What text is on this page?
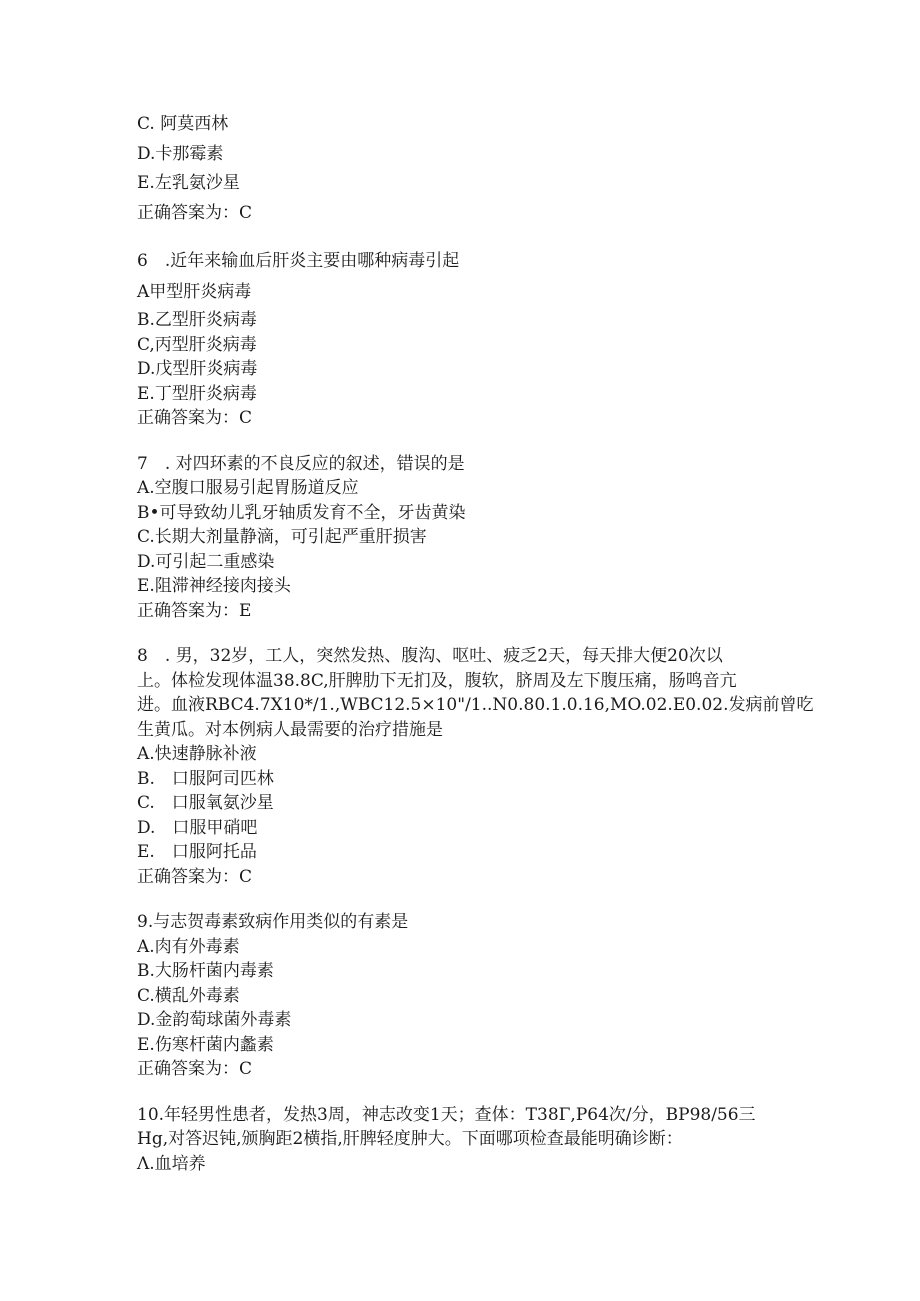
C. 阿莫西林
D.卡那霉素
E.左乳氨沙星
正确答案为：C
6　.近年来输血后肝炎主要由哪种病毒引起
A甲型肝炎病毒
B.乙型肝炎病毒
C,丙型肝炎病毒
D.戊型肝炎病毒
E.丁型肝炎病毒
正确答案为：C
7　. 对四环素的不良反应的叙述，错误的是
A.空腹口服易引起胃肠道反应
B•可导致幼儿乳牙轴质发育不全，牙齿黄染
C.长期大剂量静滴，可引起严重肝损害
D.可引起二重感染
E.阻滞神经接肉接头
正确答案为：E
8　. 男，32岁，工人，突然发热、腹沟、呕吐、疲乏2天，每天排大便20次以
上。体检发现体温38.8C,肝脾肋下无扪及，腹软，脐周及左下腹压痛，肠鸣音亢
进。血液RBC4.7X10*/1.,WBC12.5×10"/1..N0.80.1.0.16,MO.02.E0.02.发病前曾吃
生黄瓜。对本例病人最需要的治疗措施是
A.快速静脉补液
B.　口服阿司匹林
C.　口服氧氨沙星
D.　口服甲硝吧
E.　口服阿托品
正确答案为：C
9.与志贺毒素致病作用类似的有素是
A.肉有外毒素
B.大肠杆菌内毒素
C.横乱外毒素
D.金韵萄球菌外毒素
E.伤寒杆菌内蠡素
正确答案为：C
10.年轻男性患者，发热3周，神志改变1天；查体：T38Γ,P64次/分，BP98/56三
Hg,对答迟钝,颁胸距2横指,肝脾轻度肿大。下面哪项检查最能明确诊断：
Λ.血培养
